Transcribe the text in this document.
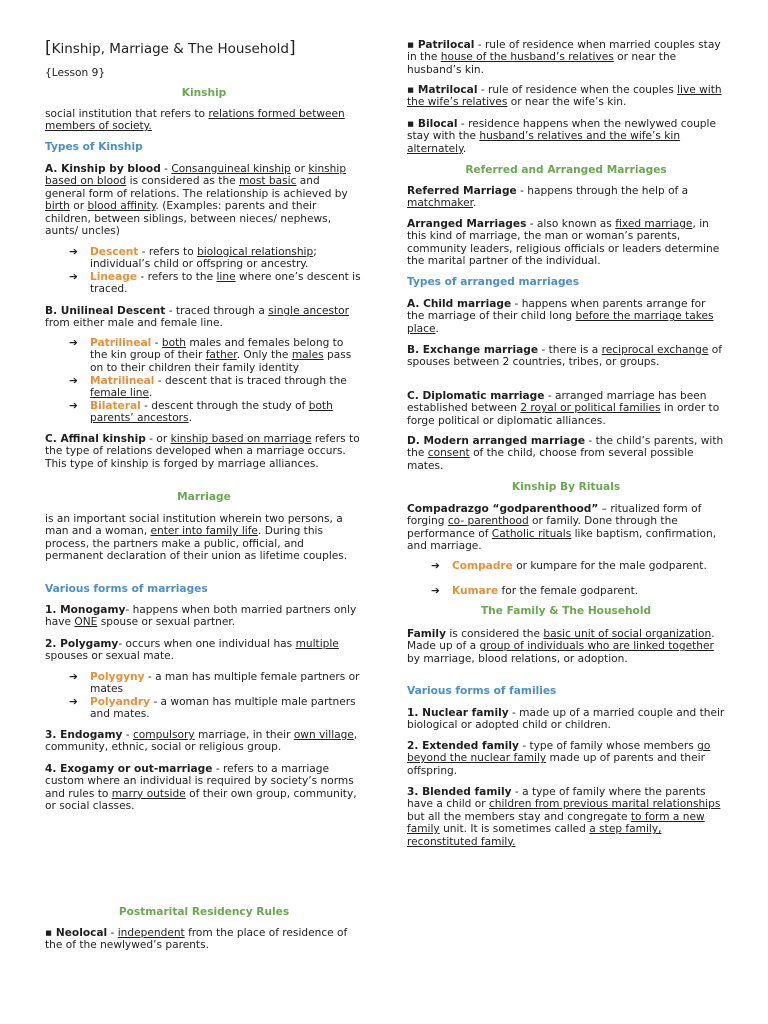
[Kinship, Marriage & The Household]
{Lesson 9}
Kinship

social institution that refers to relations formed between members of society.

Types of Kinship

A. Kinship by blood - Consanguineal kinship or kinship based on blood is considered as the most basic and general form of relations. The relationship is achieved by birth or blood affinity. (Examples: parents and their children, between siblings, between nieces/ nephews, aunts/ uncles)

➔ Descent - refers to biological relationship; individual’s child or offspring or ancestry.

➔ Lineage - refers to the line where one’s descent is traced.

B. Unilineal Descent - traced through a single ancestor from either male and female line.

➔ Patrilineal - both males and females belong to the kin group of their father. Only the males pass on to their children their family identity

➔ Matrilineal - descent that is traced through the female line.

➔ Bilateral - descent through the study of both parents’ ancestors.

C. Affinal kinship - or kinship based on marriage refers to the type of relations developed when a marriage occurs. This type of kinship is forged by marriage alliances.

Marriage

is an important social institution wherein two persons, a man and a woman, enter into family life. During this process, the partners make a public, official, and permanent declaration of their union as lifetime couples.

Various forms of marriages

1. Monogamy- happens when both married partners only have ONE spouse or sexual partner.

2. Polygamy- occurs when one individual has multiple spouses or sexual mate.

➔ Polygyny - a man has multiple female partners or mates

➔ Polyandry - a woman has multiple male partners and mates.

3. Endogamy - compulsory marriage, in their own village, community, ethnic, social or religious group.

4. Exogamy or out-marriage - refers to a marriage custom where an individual is required by society’s norms and rules to marry outside of their own group, community, or social classes.

Postmarital Residency Rules

▪ Neolocal - independent from the place of residence of the of the newlywed’s parents.

▪ Patrilocal - rule of residence when married couples stay in the house of the husband’s relatives or near the husband’s kin.

▪ Matrilocal - rule of residence when the couples live with the wife’s relatives or near the wife’s kin.

▪ Bilocal - residence happens when the newlywed couple stay with the husband’s relatives and the wife’s kin alternately.

Referred and Arranged Marriages

Referred Marriage - happens through the help of a matchmaker.

Arranged Marriages - also known as fixed marriage, in this kind of marriage, the man or woman’s parents, community leaders, religious officials or leaders determine the marital partner of the individual.

Types of arranged marriages

A. Child marriage - happens when parents arrange for the marriage of their child long before the marriage takes place.

B. Exchange marriage - there is a reciprocal exchange of spouses between 2 countries, tribes, or groups.

C. Diplomatic marriage - arranged marriage has been established between 2 royal or political families in order to forge political or diplomatic alliances.

D. Modern arranged marriage - the child’s parents, with the consent of the child, choose from several possible mates.

Kinship By Rituals

Compadrazgo “godparenthood” – ritualized form of forging co- parenthood or family. Done through the performance of Catholic rituals like baptism, confirmation, and marriage.

➔ Compadre or kumpare for the male godparent.

➔ Kumare for the female godparent.

The Family & The Household

Family is considered the basic unit of social organization. Made up of a group of individuals who are linked together by marriage, blood relations, or adoption.

Various forms of families

1. Nuclear family - made up of a married couple and their biological or adopted child or children.

2. Extended family - type of family whose members go beyond the nuclear family made up of parents and their offspring.

3. Blended family - a type of family where the parents have a child or children from previous marital relationships but all the members stay and congregate to form a new family unit. It is sometimes called a step family, reconstituted family.
